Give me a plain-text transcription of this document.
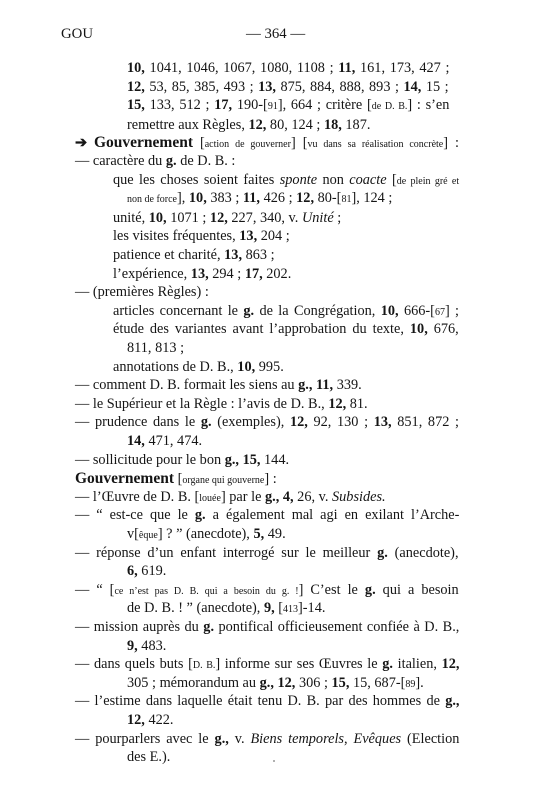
GOU	— 364 —
10, 1041, 1046, 1067, 1080, 1108 ; 11, 161, 173, 427 ;
12, 53, 85, 385, 493 ; 13, 875, 884, 888, 893 ; 14, 15 ;
15, 133, 512 ; 17, 190-[91], 664 ; critère [de D. B.] : s’en
remettre aux Règles, 12, 80, 124 ; 18, 187.
➔ Gouvernement [action de gouverner] [vu dans sa réalisation concrète] :
— caractère du g. de D. B. :
que les choses soient faites sponte non coacte [de plein gré et
non de force], 10, 383 ; 11, 426 ; 12, 80-[81], 124 ;
unité, 10, 1071 ; 12, 227, 340, v. Unité ;
les visites fréquentes, 13, 204 ;
patience et charité, 13, 863 ;
l’expérience, 13, 294 ; 17, 202.
— (premières Règles) :
articles concernant le g. de la Congrégation, 10, 666-[67] ;
étude des variantes avant l’approbation du texte, 10, 676,
811, 813 ;
annotations de D. B., 10, 995.
— comment D. B. formait les siens au g., 11, 339.
— le Supérieur et la Règle : l’avis de D. B., 12, 81.
— prudence dans le g. (exemples), 12, 92, 130 ; 13, 851, 872 ;
14, 471, 474.
— sollicitude pour le bon g., 15, 144.
Gouvernement [organe qui gouverne] :
— l’Œuvre de D. B. [louée] par le g., 4, 26, v. Subsides.
— “ est-ce que le g. a également mal agi en exilant l’Arche-
v[êque] ? ” (anecdote), 5, 49.
— réponse d’un enfant interrogé sur le meilleur g. (anecdote),
6, 619.
— “ [ce n’est pas D. B. qui a besoin du g. !] C’est le g. qui a besoin
de D. B. ! ” (anecdote), 9, [413]-14.
— mission auprès du g. pontifical officieusement confiée à D. B.,
9, 483.
— dans quels buts [D. B.] informe sur ses Œuvres le g. italien, 12,
305 ; mémorandum au g., 12, 306 ; 15, 15, 687-[89].
— l’estime dans laquelle était tenu D. B. par des hommes de g.,
12, 422.
— pourparlers avec le g., v. Biens temporels, Evêques (Election
des E.).
